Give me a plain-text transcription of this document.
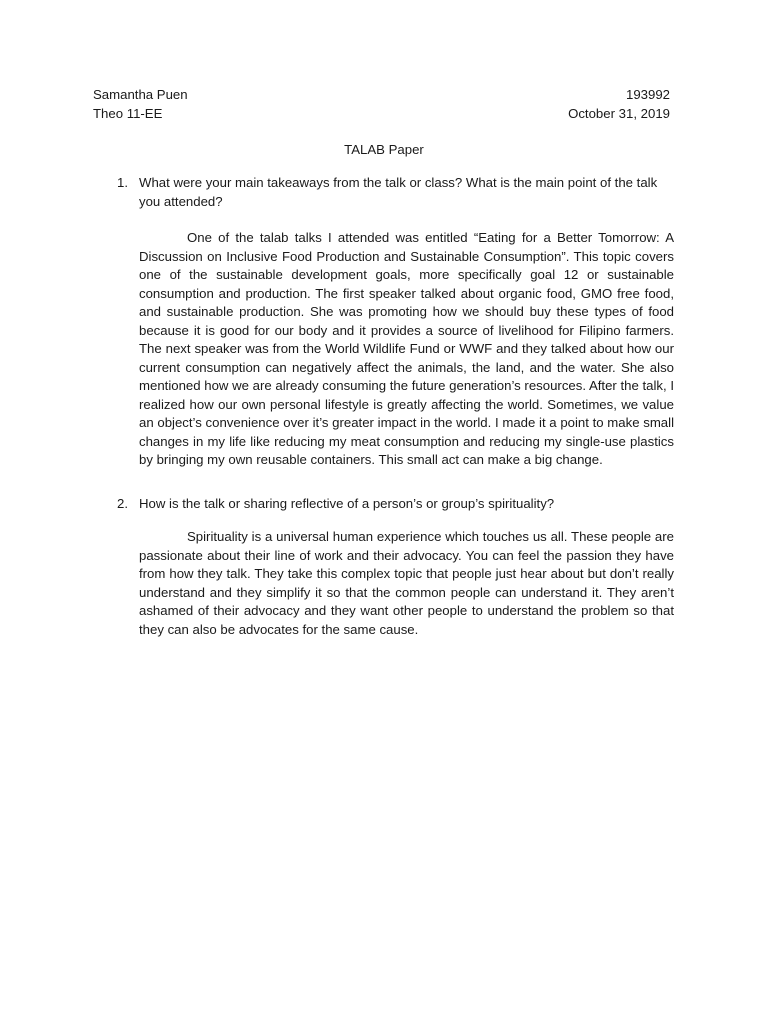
Samantha Puen
Theo 11-EE
193992
October 31, 2019
TALAB Paper
1. What were your main takeaways from the talk or class? What is the main point of the talk you attended?

One of the talab talks I attended was entitled “Eating for a Better Tomorrow: A Discussion on Inclusive Food Production and Sustainable Consumption”. This topic covers one of the sustainable development goals, more specifically goal 12 or sustainable consumption and production. The first speaker talked about organic food, GMO free food, and sustainable production. She was promoting how we should buy these types of food because it is good for our body and it provides a source of livelihood for Filipino farmers. The next speaker was from the World Wildlife Fund or WWF and they talked about how our current consumption can negatively affect the animals, the land, and the water. She also mentioned how we are already consuming the future generation’s resources. After the talk, I realized how our own personal lifestyle is greatly affecting the world. Sometimes, we value an object’s convenience over it’s greater impact in the world. I made it a point to make small changes in my life like reducing my meat consumption and reducing my single-use plastics by bringing my own reusable containers. This small act can make a big change.

2. How is the talk or sharing reflective of a person’s or group’s spirituality?

Spirituality is a universal human experience which touches us all. These people are passionate about their line of work and their advocacy. You can feel the passion they have from how they talk. They take this complex topic that people just hear about but don’t really understand and they simplify it so that the common people can understand it. They aren’t ashamed of their advocacy and they want other people to understand the problem so that they can also be advocates for the same cause.
